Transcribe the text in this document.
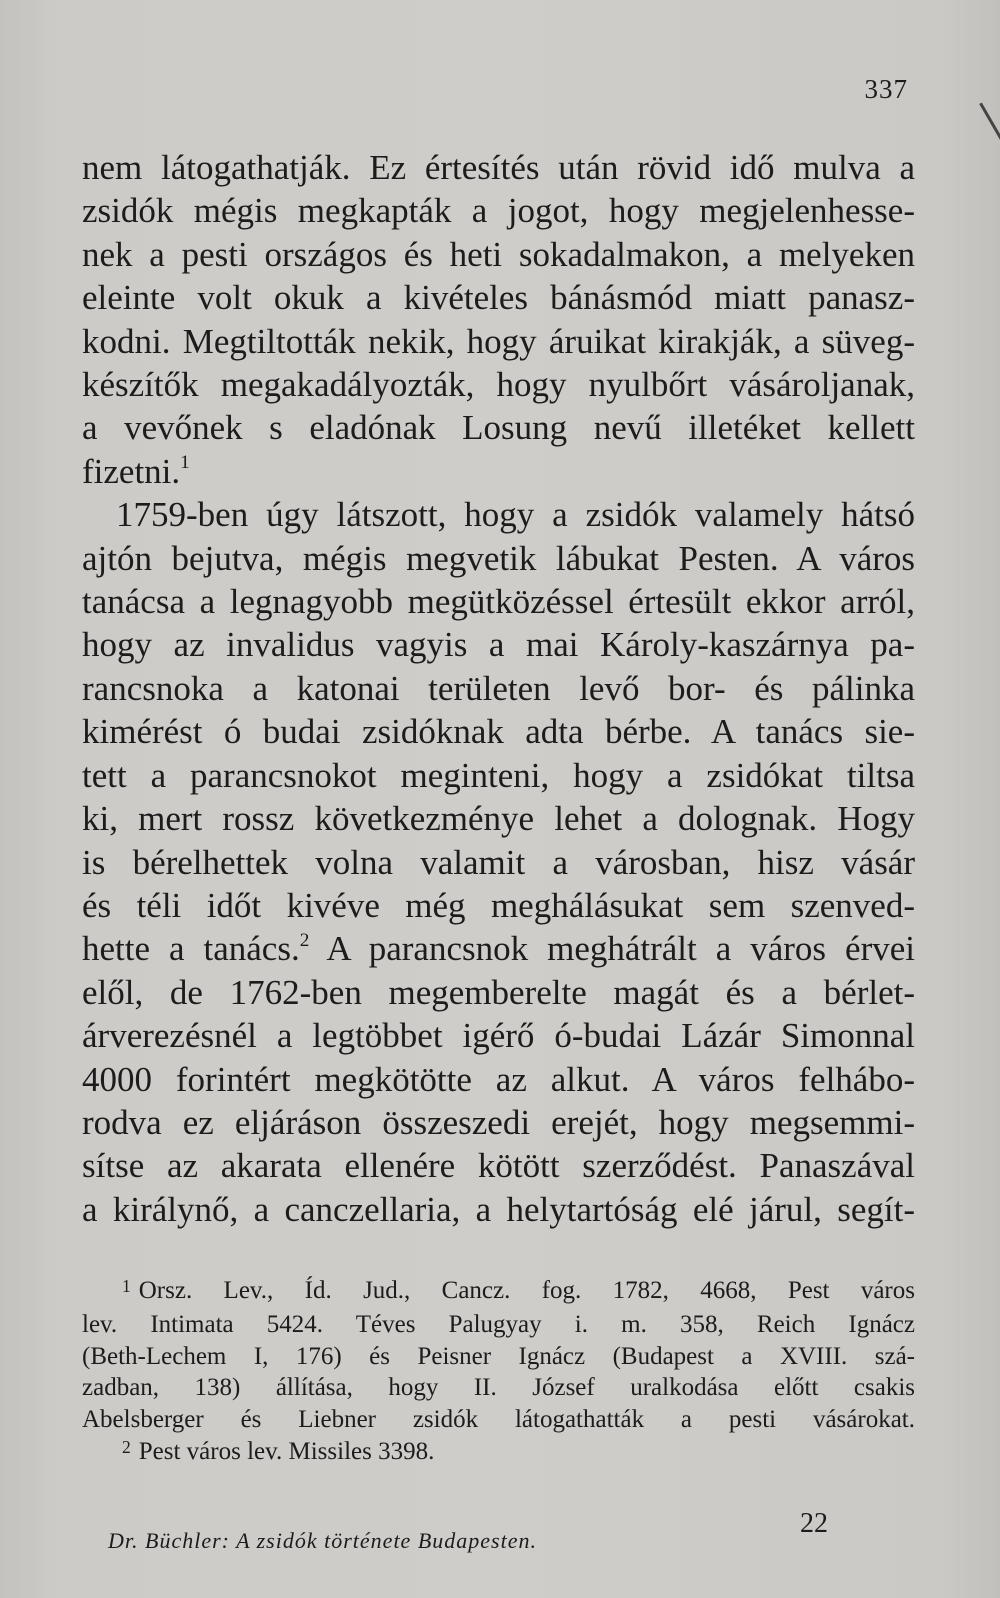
337
nem látogathatják. Ez értesítés után rövid idő mulva a
zsidók mégis megkapták a jogot, hogy megjelenhesse-
nek a pesti országos és heti sokadalmakon, a melyeken
eleinte volt okuk a kivételes bánásmód miatt panasz-
kodni. Megtiltották nekik, hogy áruikat kirakják, a süveg-
készítők megakadályozták, hogy nyulbőrt vásároljanak,
a vevőnek s eladónak Losung nevű illetéket kellett
fizetni.$^1$
1759-ben úgy látszott, hogy a zsidók valamely hátsó
ajtón bejutva, mégis megvetik lábukat Pesten. A város
tanácsa a legnagyobb megütközéssel értesült ekkor arról,
hogy az invalidus vagyis a mai Károly-kaszárnya pa-
rancsnoka a katonai területen levő bor- és pálinka
kimérést ó budai zsidóknak adta bérbe. A tanács sie-
tett a parancsnokot meginteni, hogy a zsidókat tiltsa
ki, mert rossz következménye lehet a dolognak. Hogy
is bérelhettek volna valamit a városban, hisz vásár
és téli időt kivéve még meghálásukat sem szenved-
hette a tanács.$^2$ A parancsnok meghátrált a város érvei
elől, de 1762-ben megemberelte magát és a bérlet-
árverezésnél a legtöbbet igérő ó-budai Lázár Simonnal
4000 forintért megkötötte az alkut. A város felhábo-
rodva ez eljáráson összeszedi erejét, hogy megsemmi-
sítse az akarata ellenére kötött szerződést. Panaszával
a királynő, a canczellaria, a helytartóság elé járul, segít-
$^1$ Orsz. Lev., Íd. Jud., Cancz. fog. 1782, 4668, Pest város
lev. Intimata 5424. Téves Palugyay i. m. 358, Reich Ignácz
(Beth-Lechem I, 176) és Peisner Ignácz (Budapest a XVIII. szá-
zadban, 138) állítása, hogy II. József uralkodása előtt csakis
Abelsberger és Liebner zsidók látogathatták a pesti vásárokat.
$^2$ Pest város lev. Missiles 3398.
Dr. Büchler: A zsidók története Budapesten.
22
